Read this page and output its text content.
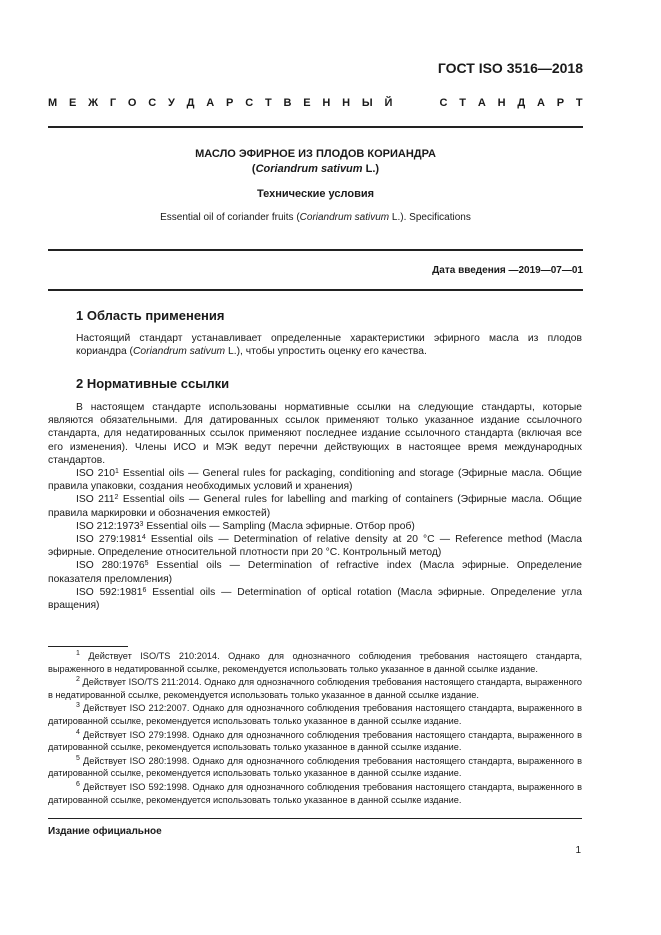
ГОСТ ISO 3516—2018
М Е Ж Г О С У Д А Р С Т В Е Н Н Ы Й	С Т А Н Д А Р Т
МАСЛО ЭФИРНОЕ ИЗ ПЛОДОВ КОРИАНДРА
(Coriandrum sativum L.)
Технические условия
Essential oil of coriander fruits (Coriandrum sativum L.). Specifications
Дата введения —2019—07—01
1 Область применения

Настоящий стандарт устанавливает определенные характеристики эфирного масла из плодов кориандра (Coriandrum sativum L.), чтобы упростить оценку его качества.

2 Нормативные ссылки

В настоящем стандарте использованы нормативные ссылки на следующие стандарты, которые являются обязательными. Для датированных ссылок применяют только указанное издание ссылочного стандарта, для недатированных ссылок применяют последнее издание ссылочного стандарта (включая все его изменения). Члены ИСО и МЭК ведут перечни действующих в настоящее время международных стандартов.

ISO $210^1$ Essential oils — General rules for packaging, conditioning and storage (Эфирные масла. Общие правила упаковки, создания необходимых условий и хранения)

ISO $211^2$ Essential oils — General rules for labelling and marking of containers (Эфирные масла. Общие правила маркировки и обозначения емкостей)

ISO 212:1973$^3$ Essential oils — Sampling (Масла эфирные. Отбор проб)

ISO 279:1981$^4$ Essential oils — Determination of relative density at 20 °C — Reference method (Масла эфирные. Определение относительной плотности при 20 °С. Контрольный метод)

ISO 280:1976$^5$ Essential oils — Determination of refractive index (Масла эфирные. Определение показателя преломления)

ISO 592:1981$^6$ Essential oils — Determination of optical rotation (Масла эфирные. Определение угла вращения)

$^1$ Действует ISO/TS 210:2014. Однако для однозначного соблюдения требования настоящего стандарта, выраженного в недатированной ссылке, рекомендуется использовать только указанное в данной ссылке издание.

$^2$ Действует ISO/TS 211:2014. Однако для однозначного соблюдения требования настоящего стандарта, выраженного в недатированной ссылке, рекомендуется использовать только указанное в данной ссылке издание.

$^3$ Действует ISO 212:2007. Однако для однозначного соблюдения требования настоящего стандарта, выраженного в датированной ссылке, рекомендуется использовать только указанное в данной ссылке издание.

$^4$ Действует ISO 279:1998. Однако для однозначного соблюдения требования настоящего стандарта, выраженного в датированной ссылке, рекомендуется использовать только указанное в данной ссылке издание.

$^5$ Действует ISO 280:1998. Однако для однозначного соблюдения требования настоящего стандарта, выраженного в датированной ссылке, рекомендуется использовать только указанное в данной ссылке издание.

$^6$ Действует ISO 592:1998. Однако для однозначного соблюдения требования настоящего стандарта, выраженного в датированной ссылке, рекомендуется использовать только указанное в данной ссылке издание.

Издание официальное
1
